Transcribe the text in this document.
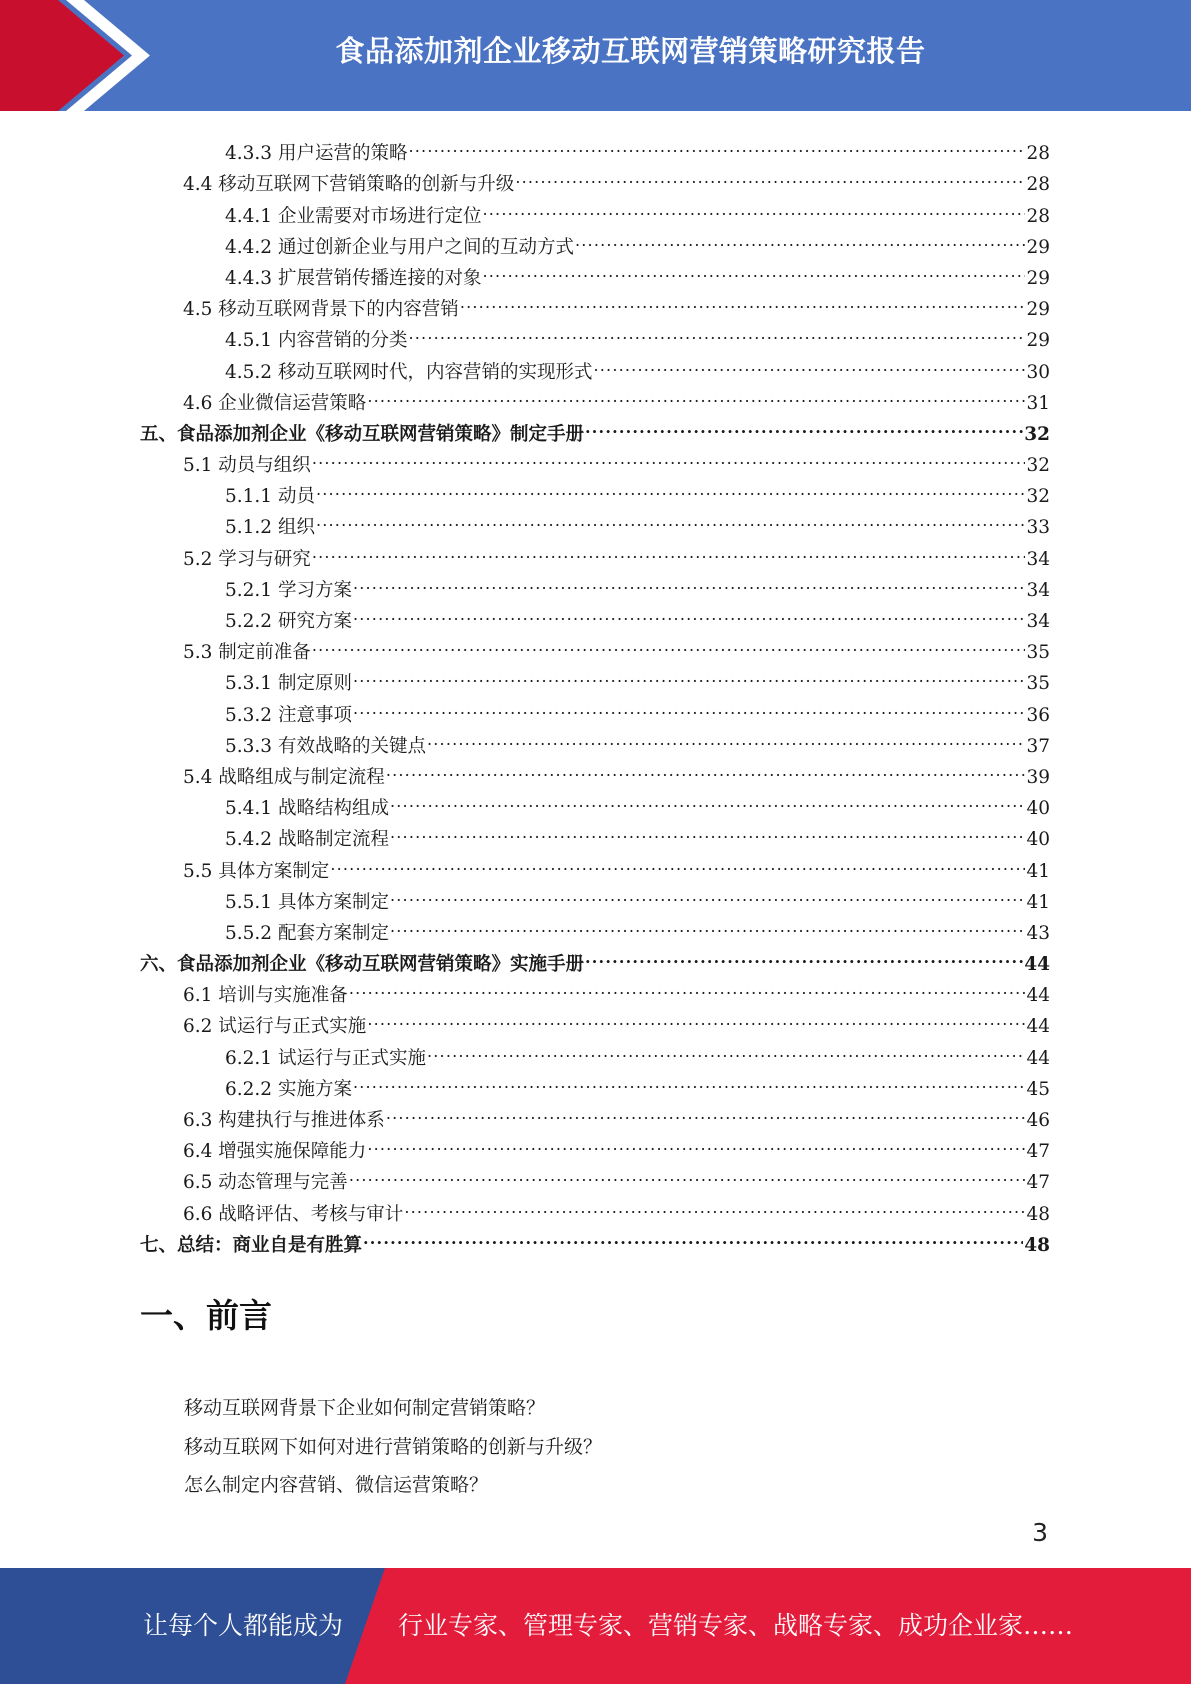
食品添加剂企业移动互联网营销策略研究报告
4.3.3 用户运营的策略 .....	28
4.4 移动互联网下营销策略的创新与升级 .....	28
4.4.1 企业需要对市场进行定位 .....	28
4.4.2 通过创新企业与用户之间的互动方式 .....	29
4.4.3 扩展营销传播连接的对象 .....	29
4.5 移动互联网背景下的内容营销 .....	29
4.5.1 内容营销的分类 .....	29
4.5.2 移动互联网时代，内容营销的实现形式 .....	30
4.6 企业微信运营策略 .....	31
五、食品添加剂企业《移动互联网营销策略》制定手册 .....	32
5.1 动员与组织 .....	32
5.1.1 动员 .....	32
5.1.2 组织 .....	33
5.2 学习与研究 .....	34
5.2.1 学习方案 .....	34
5.2.2 研究方案 .....	34
5.3 制定前准备 .....	35
5.3.1 制定原则 .....	35
5.3.2 注意事项 .....	36
5.3.3 有效战略的关键点 .....	37
5.4 战略组成与制定流程 .....	39
5.4.1 战略结构组成 .....	40
5.4.2 战略制定流程 .....	40
5.5 具体方案制定 .....	41
5.5.1 具体方案制定 .....	41
5.5.2 配套方案制定 .....	43
六、食品添加剂企业《移动互联网营销策略》实施手册 .....	44
6.1 培训与实施准备 .....	44
6.2 试运行与正式实施 .....	44
6.2.1 试运行与正式实施 .....	44
6.2.2 实施方案 .....	45
6.3 构建执行与推进体系 .....	46
6.4 增强实施保障能力 .....	47
6.5 动态管理与完善 .....	47
6.6 战略评估、考核与审计 .....	48
七、总结：商业自是有胜算 .....	48
一、前言
移动互联网背景下企业如何制定营销策略？
移动互联网下如何对进行营销策略的创新与升级？
怎么制定内容营销、微信运营策略？
3
让每个人都能成为 行业专家、管理专家、营销专家、战略专家、成功企业家……
